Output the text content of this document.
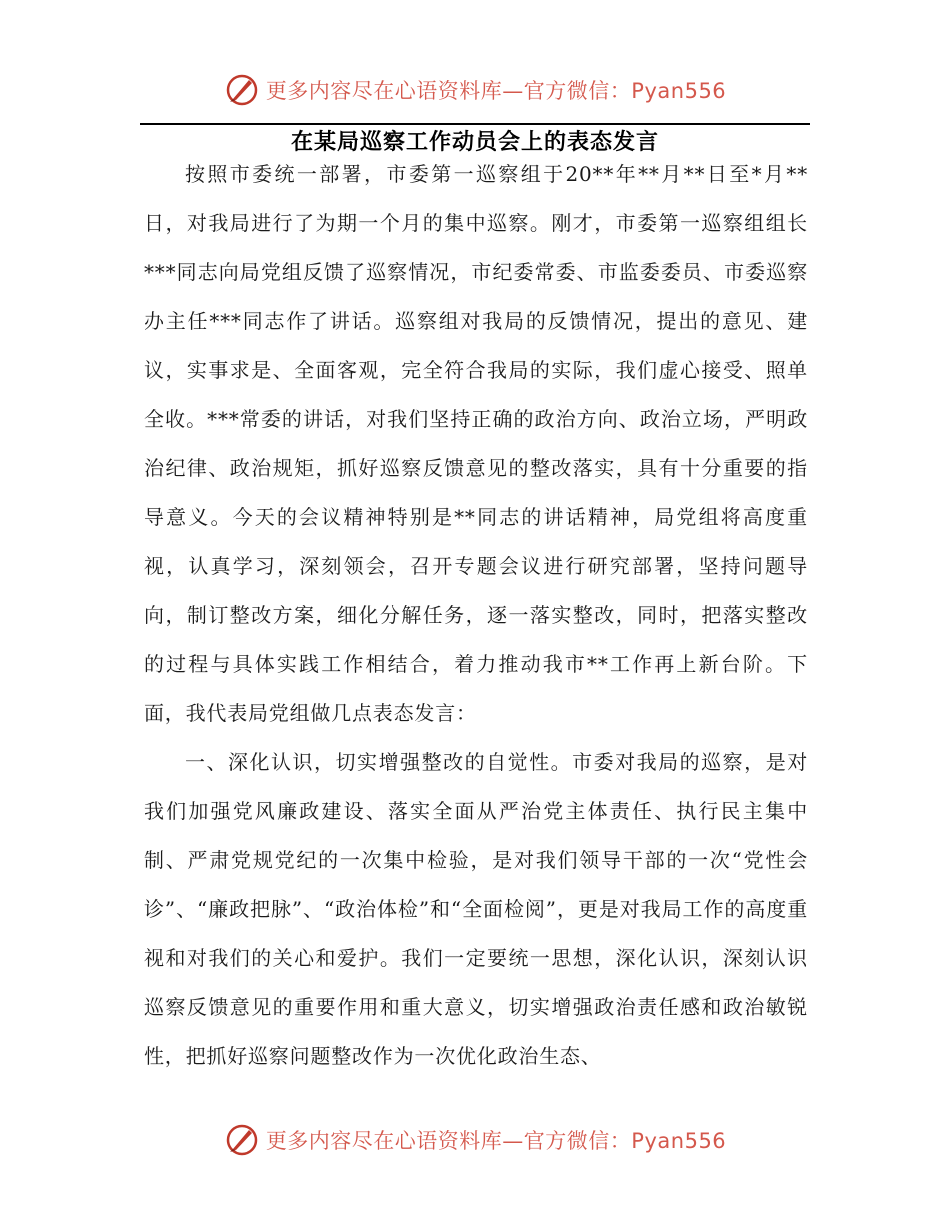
更多内容尽在心语资料库—官方微信：Pyan556
在某局巡察工作动员会上的表态发言

按照市委统一部署，市委第一巡察组于20**年**月**日至*月**日，对我局进行了为期一个月的集中巡察。刚才，市委第一巡察组组长***同志向局党组反馈了巡察情况，市纪委常委、市监委委员、市委巡察办主任***同志作了讲话。巡察组对我局的反馈情况，提出的意见、建议，实事求是、全面客观，完全符合我局的实际，我们虚心接受、照单全收。***常委的讲话，对我们坚持正确的政治方向、政治立场，严明政治纪律、政治规矩，抓好巡察反馈意见的整改落实，具有十分重要的指导意义。今天的会议精神特别是**同志的讲话精神，局党组将高度重视，认真学习，深刻领会，召开专题会议进行研究部署，坚持问题导向，制订整改方案，细化分解任务，逐一落实整改，同时，把落实整改的过程与具体实践工作相结合，着力推动我市**工作再上新台阶。下面，我代表局党组做几点表态发言：

一、深化认识，切实增强整改的自觉性。市委对我局的巡察，是对我们加强党风廉政建设、落实全面从严治党主体责任、执行民主集中制、严肃党规党纪的一次集中检验，是对我们领导干部的一次“党性会诊”、“廉政把脉”、“政治体检”和“全面检阅”，更是对我局工作的高度重视和对我们的关心和爱护。我们一定要统一思想，深化认识，深刻认识巡察反馈意见的重要作用和重大意义，切实增强政治责任感和政治敏锐性，把抓好巡察问题整改作为一次优化政治生态、

更多内容尽在心语资料库—官方微信：Pyan556
